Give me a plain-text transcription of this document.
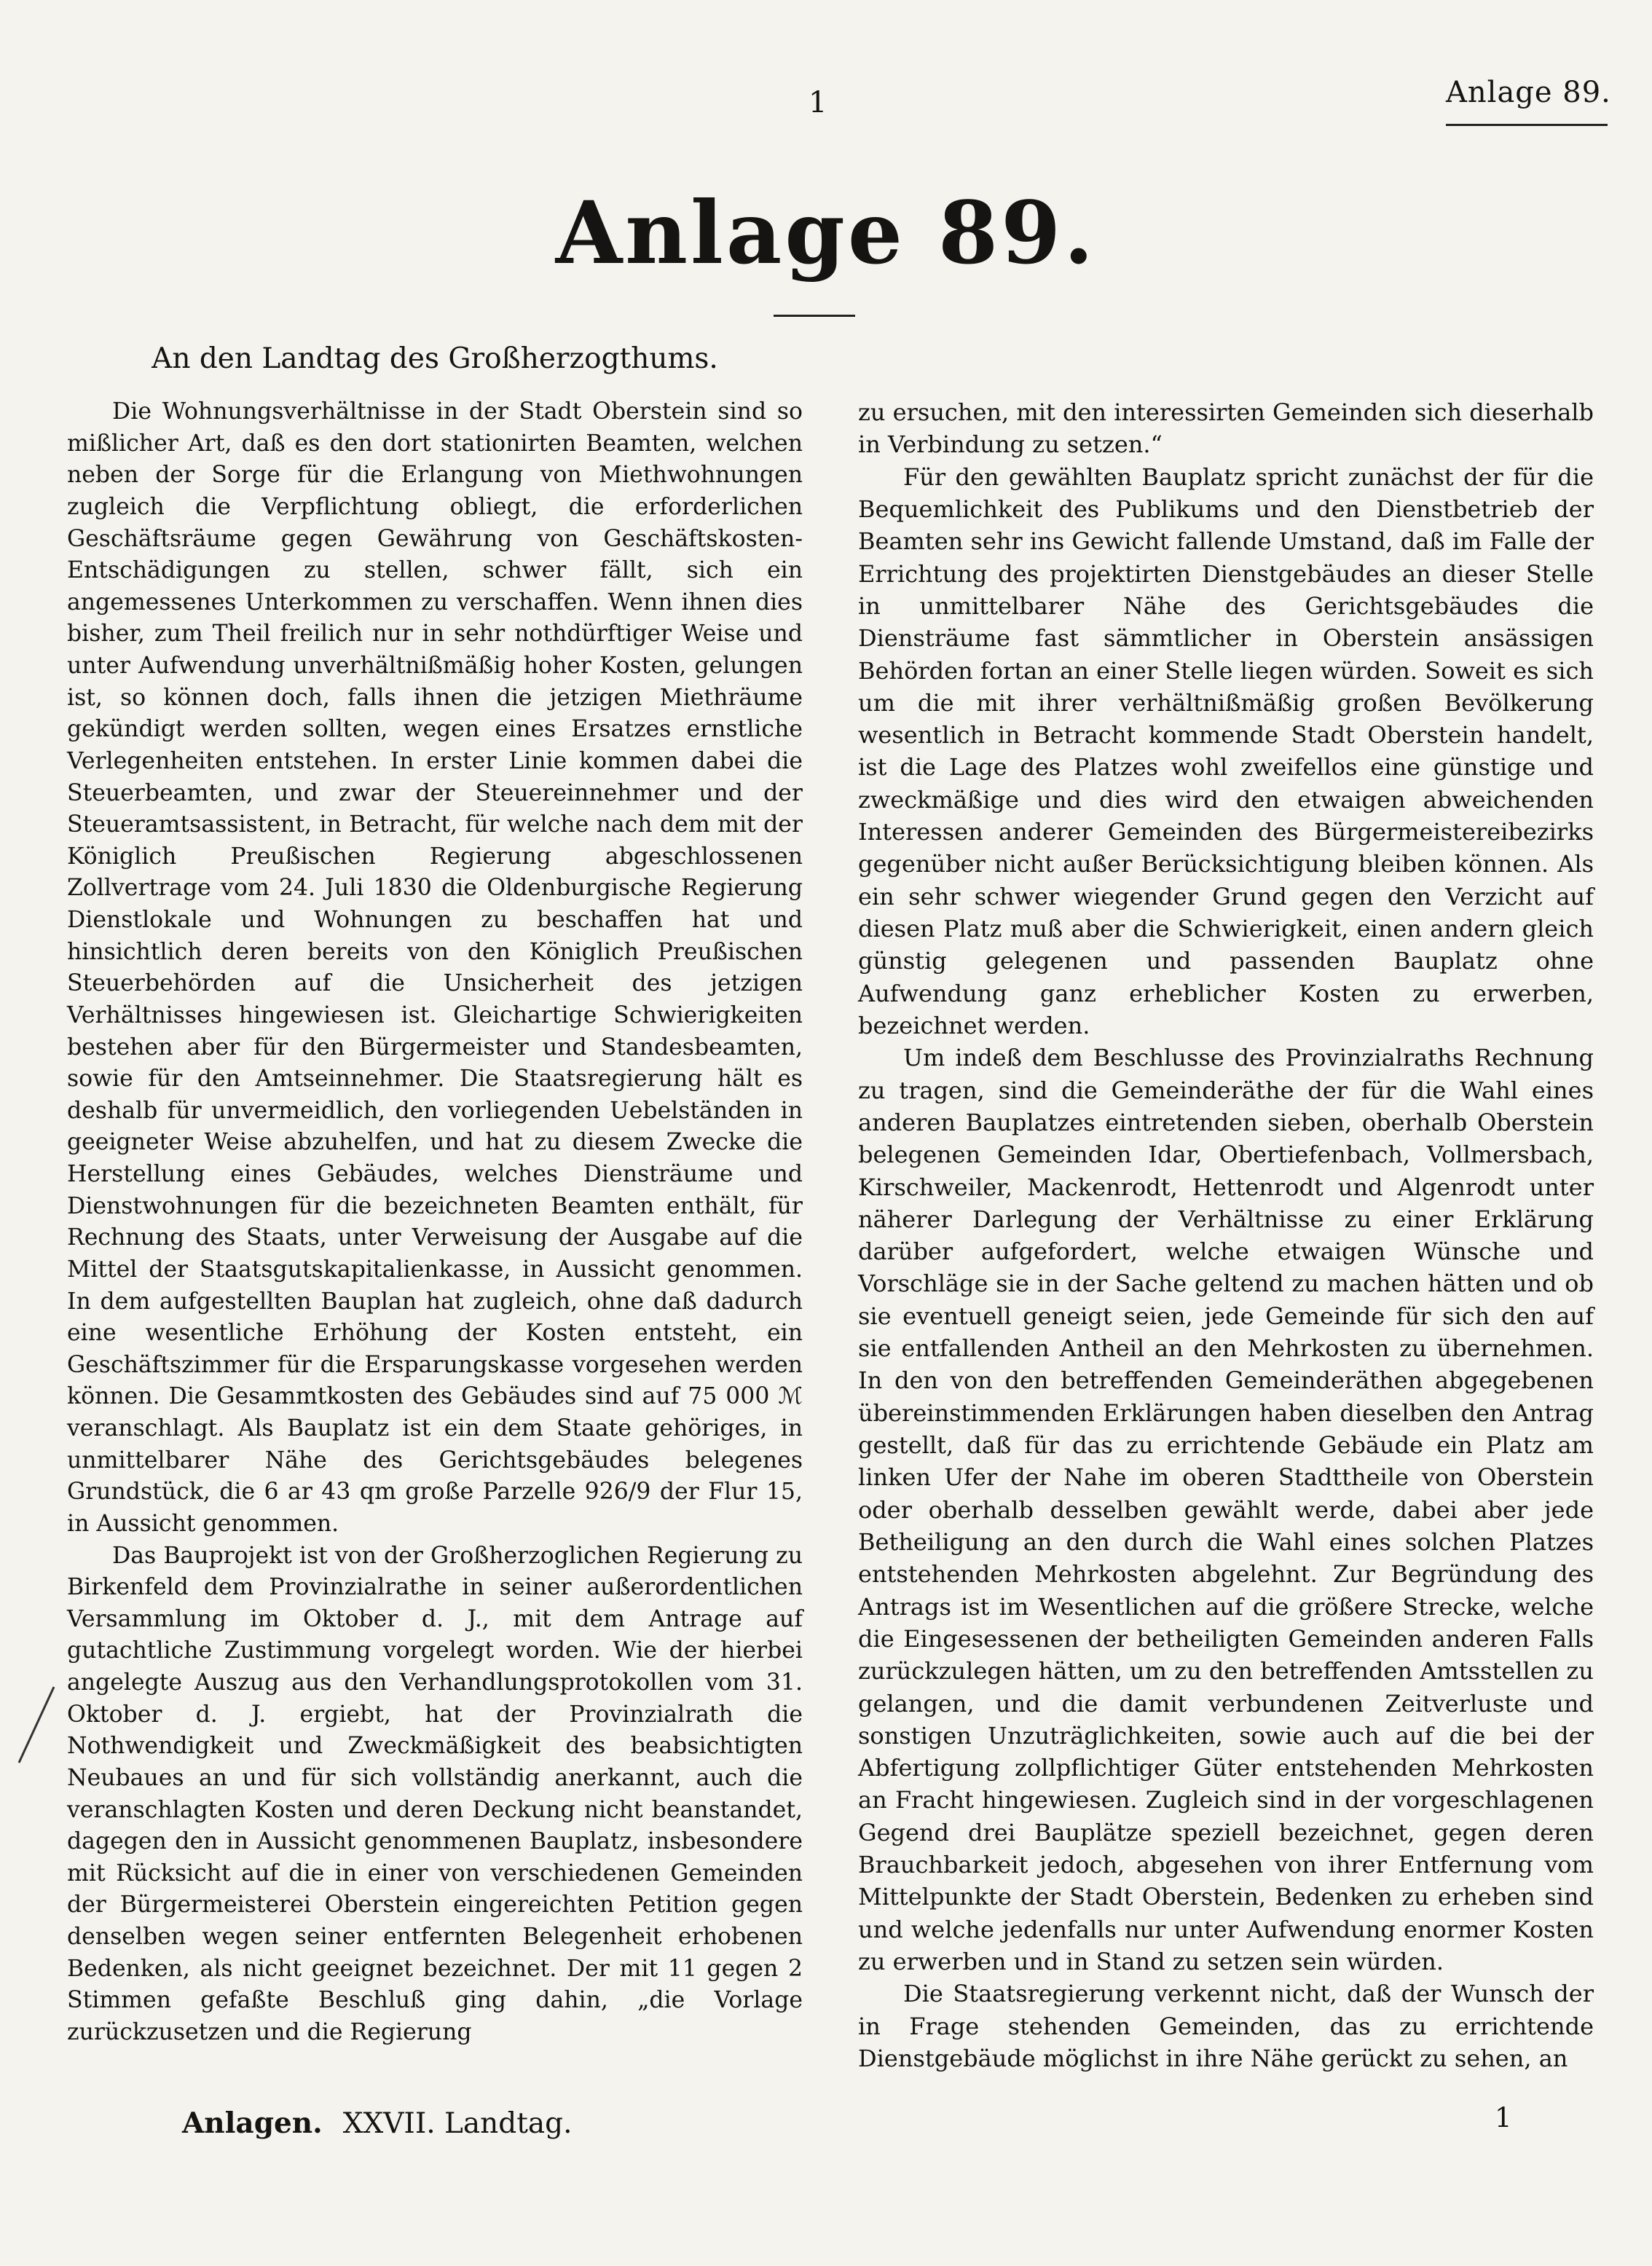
1	Anlage 89.
Anlage 89.
An den Landtag des Großherzogthums.

Die Wohnungsverhältnisse in der Stadt Oberstein sind so mißlicher Art, daß es den dort stationirten Beamten, welchen neben der Sorge für die Erlangung von Miethwohnungen zugleich die Verpflichtung obliegt, die erforderlichen Geschäftsräume gegen Gewährung von Geschäftskosten-Entschädigungen zu stellen, schwer fällt, sich ein angemessenes Unterkommen zu verschaffen. Wenn ihnen dies bisher, zum Theil freilich nur in sehr nothdürftiger Weise und unter Aufwendung unverhältnißmäßig hoher Kosten, gelungen ist, so können doch, falls ihnen die jetzigen Miethräume gekündigt werden sollten, wegen eines Ersatzes ernstliche Verlegenheiten entstehen. In erster Linie kommen dabei die Steuerbeamten, und zwar der Steuereinnehmer und der Steueramtsassistent, in Betracht, für welche nach dem mit der Königlich Preußischen Regierung abgeschlossenen Zollvertrage vom 24. Juli 1830 die Oldenburgische Regierung Dienstlokale und Wohnungen zu beschaffen hat und hinsichtlich deren bereits von den Königlich Preußischen Steuerbehörden auf die Unsicherheit des jetzigen Verhältnisses hingewiesen ist. Gleichartige Schwierigkeiten bestehen aber für den Bürgermeister und Standesbeamten, sowie für den Amtseinnehmer. Die Staatsregierung hält es deshalb für unvermeidlich, den vorliegenden Uebelständen in geeigneter Weise abzuhelfen, und hat zu diesem Zwecke die Herstellung eines Gebäudes, welches Diensträume und Dienstwohnungen für die bezeichneten Beamten enthält, für Rechnung des Staats, unter Verweisung der Ausgabe auf die Mittel der Staatsgutskapitalienkasse, in Aussicht genommen. In dem aufgestellten Bauplan hat zugleich, ohne daß dadurch eine wesentliche Erhöhung der Kosten entsteht, ein Geschäftszimmer für die Ersparungskasse vorgesehen werden können. Die Gesammtkosten des Gebäudes sind auf 75 000 ℳ veranschlagt. Als Bauplatz ist ein dem Staate gehöriges, in unmittelbarer Nähe des Gerichtsgebäudes belegenes Grundstück, die 6 ar 43 qm große Parzelle 926/9 der Flur 15, in Aussicht genommen.

Das Bauprojekt ist von der Großherzoglichen Regierung zu Birkenfeld dem Provinzialrathe in seiner außerordentlichen Versammlung im Oktober d. J., mit dem Antrage auf gutachtliche Zustimmung vorgelegt worden. Wie der hierbei angelegte Auszug aus den Verhandlungsprotokollen vom 31. Oktober d. J. ergiebt, hat der Provinzialrath die Nothwendigkeit und Zweckmäßigkeit des beabsichtigten Neubaues an und für sich vollständig anerkannt, auch die veranschlagten Kosten und deren Deckung nicht beanstandet, dagegen den in Aussicht genommenen Bauplatz, insbesondere mit Rücksicht auf die in einer von verschiedenen Gemeinden der Bürgermeisterei Oberstein eingereichten Petition gegen denselben wegen seiner entfernten Belegenheit erhobenen Bedenken, als nicht geeignet bezeichnet. Der mit 11 gegen 2 Stimmen gefaßte Beschluß ging dahin, „die Vorlage zurückzusetzen und die Regierung

zu ersuchen, mit den interessirten Gemeinden sich dieserhalb in Verbindung zu setzen.“

Für den gewählten Bauplatz spricht zunächst der für die Bequemlichkeit des Publikums und den Dienstbetrieb der Beamten sehr ins Gewicht fallende Umstand, daß im Falle der Errichtung des projektirten Dienstgebäudes an dieser Stelle in unmittelbarer Nähe des Gerichtsgebäudes die Diensträume fast sämmtlicher in Oberstein ansässigen Behörden fortan an einer Stelle liegen würden. Soweit es sich um die mit ihrer verhältnißmäßig großen Bevölkerung wesentlich in Betracht kommende Stadt Oberstein handelt, ist die Lage des Platzes wohl zweifellos eine günstige und zweckmäßige und dies wird den etwaigen abweichenden Interessen anderer Gemeinden des Bürgermeistereibezirks gegenüber nicht außer Berücksichtigung bleiben können. Als ein sehr schwer wiegender Grund gegen den Verzicht auf diesen Platz muß aber die Schwierigkeit, einen andern gleich günstig gelegenen und passenden Bauplatz ohne Aufwendung ganz erheblicher Kosten zu erwerben, bezeichnet werden.

Um indeß dem Beschlusse des Provinzialraths Rechnung zu tragen, sind die Gemeinderäthe der für die Wahl eines anderen Bauplatzes eintretenden sieben, oberhalb Oberstein belegenen Gemeinden Idar, Obertiefenbach, Vollmersbach, Kirschweiler, Mackenrodt, Hettenrodt und Algenrodt unter näherer Darlegung der Verhältnisse zu einer Erklärung darüber aufgefordert, welche etwaigen Wünsche und Vorschläge sie in der Sache geltend zu machen hätten und ob sie eventuell geneigt seien, jede Gemeinde für sich den auf sie entfallenden Antheil an den Mehrkosten zu übernehmen. In den von den betreffenden Gemeinderäthen abgegebenen übereinstimmenden Erklärungen haben dieselben den Antrag gestellt, daß für das zu errichtende Gebäude ein Platz am linken Ufer der Nahe im oberen Stadttheile von Oberstein oder oberhalb desselben gewählt werde, dabei aber jede Betheiligung an den durch die Wahl eines solchen Platzes entstehenden Mehrkosten abgelehnt. Zur Begründung des Antrags ist im Wesentlichen auf die größere Strecke, welche die Eingesessenen der betheiligten Gemeinden anderen Falls zurückzulegen hätten, um zu den betreffenden Amtsstellen zu gelangen, und die damit verbundenen Zeitverluste und sonstigen Unzuträglichkeiten, sowie auch auf die bei der Abfertigung zollpflichtiger Güter entstehenden Mehrkosten an Fracht hingewiesen. Zugleich sind in der vorgeschlagenen Gegend drei Bauplätze speziell bezeichnet, gegen deren Brauchbarkeit jedoch, abgesehen von ihrer Entfernung vom Mittelpunkte der Stadt Oberstein, Bedenken zu erheben sind und welche jedenfalls nur unter Aufwendung enormer Kosten zu erwerben und in Stand zu setzen sein würden.

Die Staatsregierung verkennt nicht, daß der Wunsch der in Frage stehenden Gemeinden, das zu errichtende Dienstgebäude möglichst in ihre Nähe gerückt zu sehen, an

Anlagen. XXVII. Landtag.	1
